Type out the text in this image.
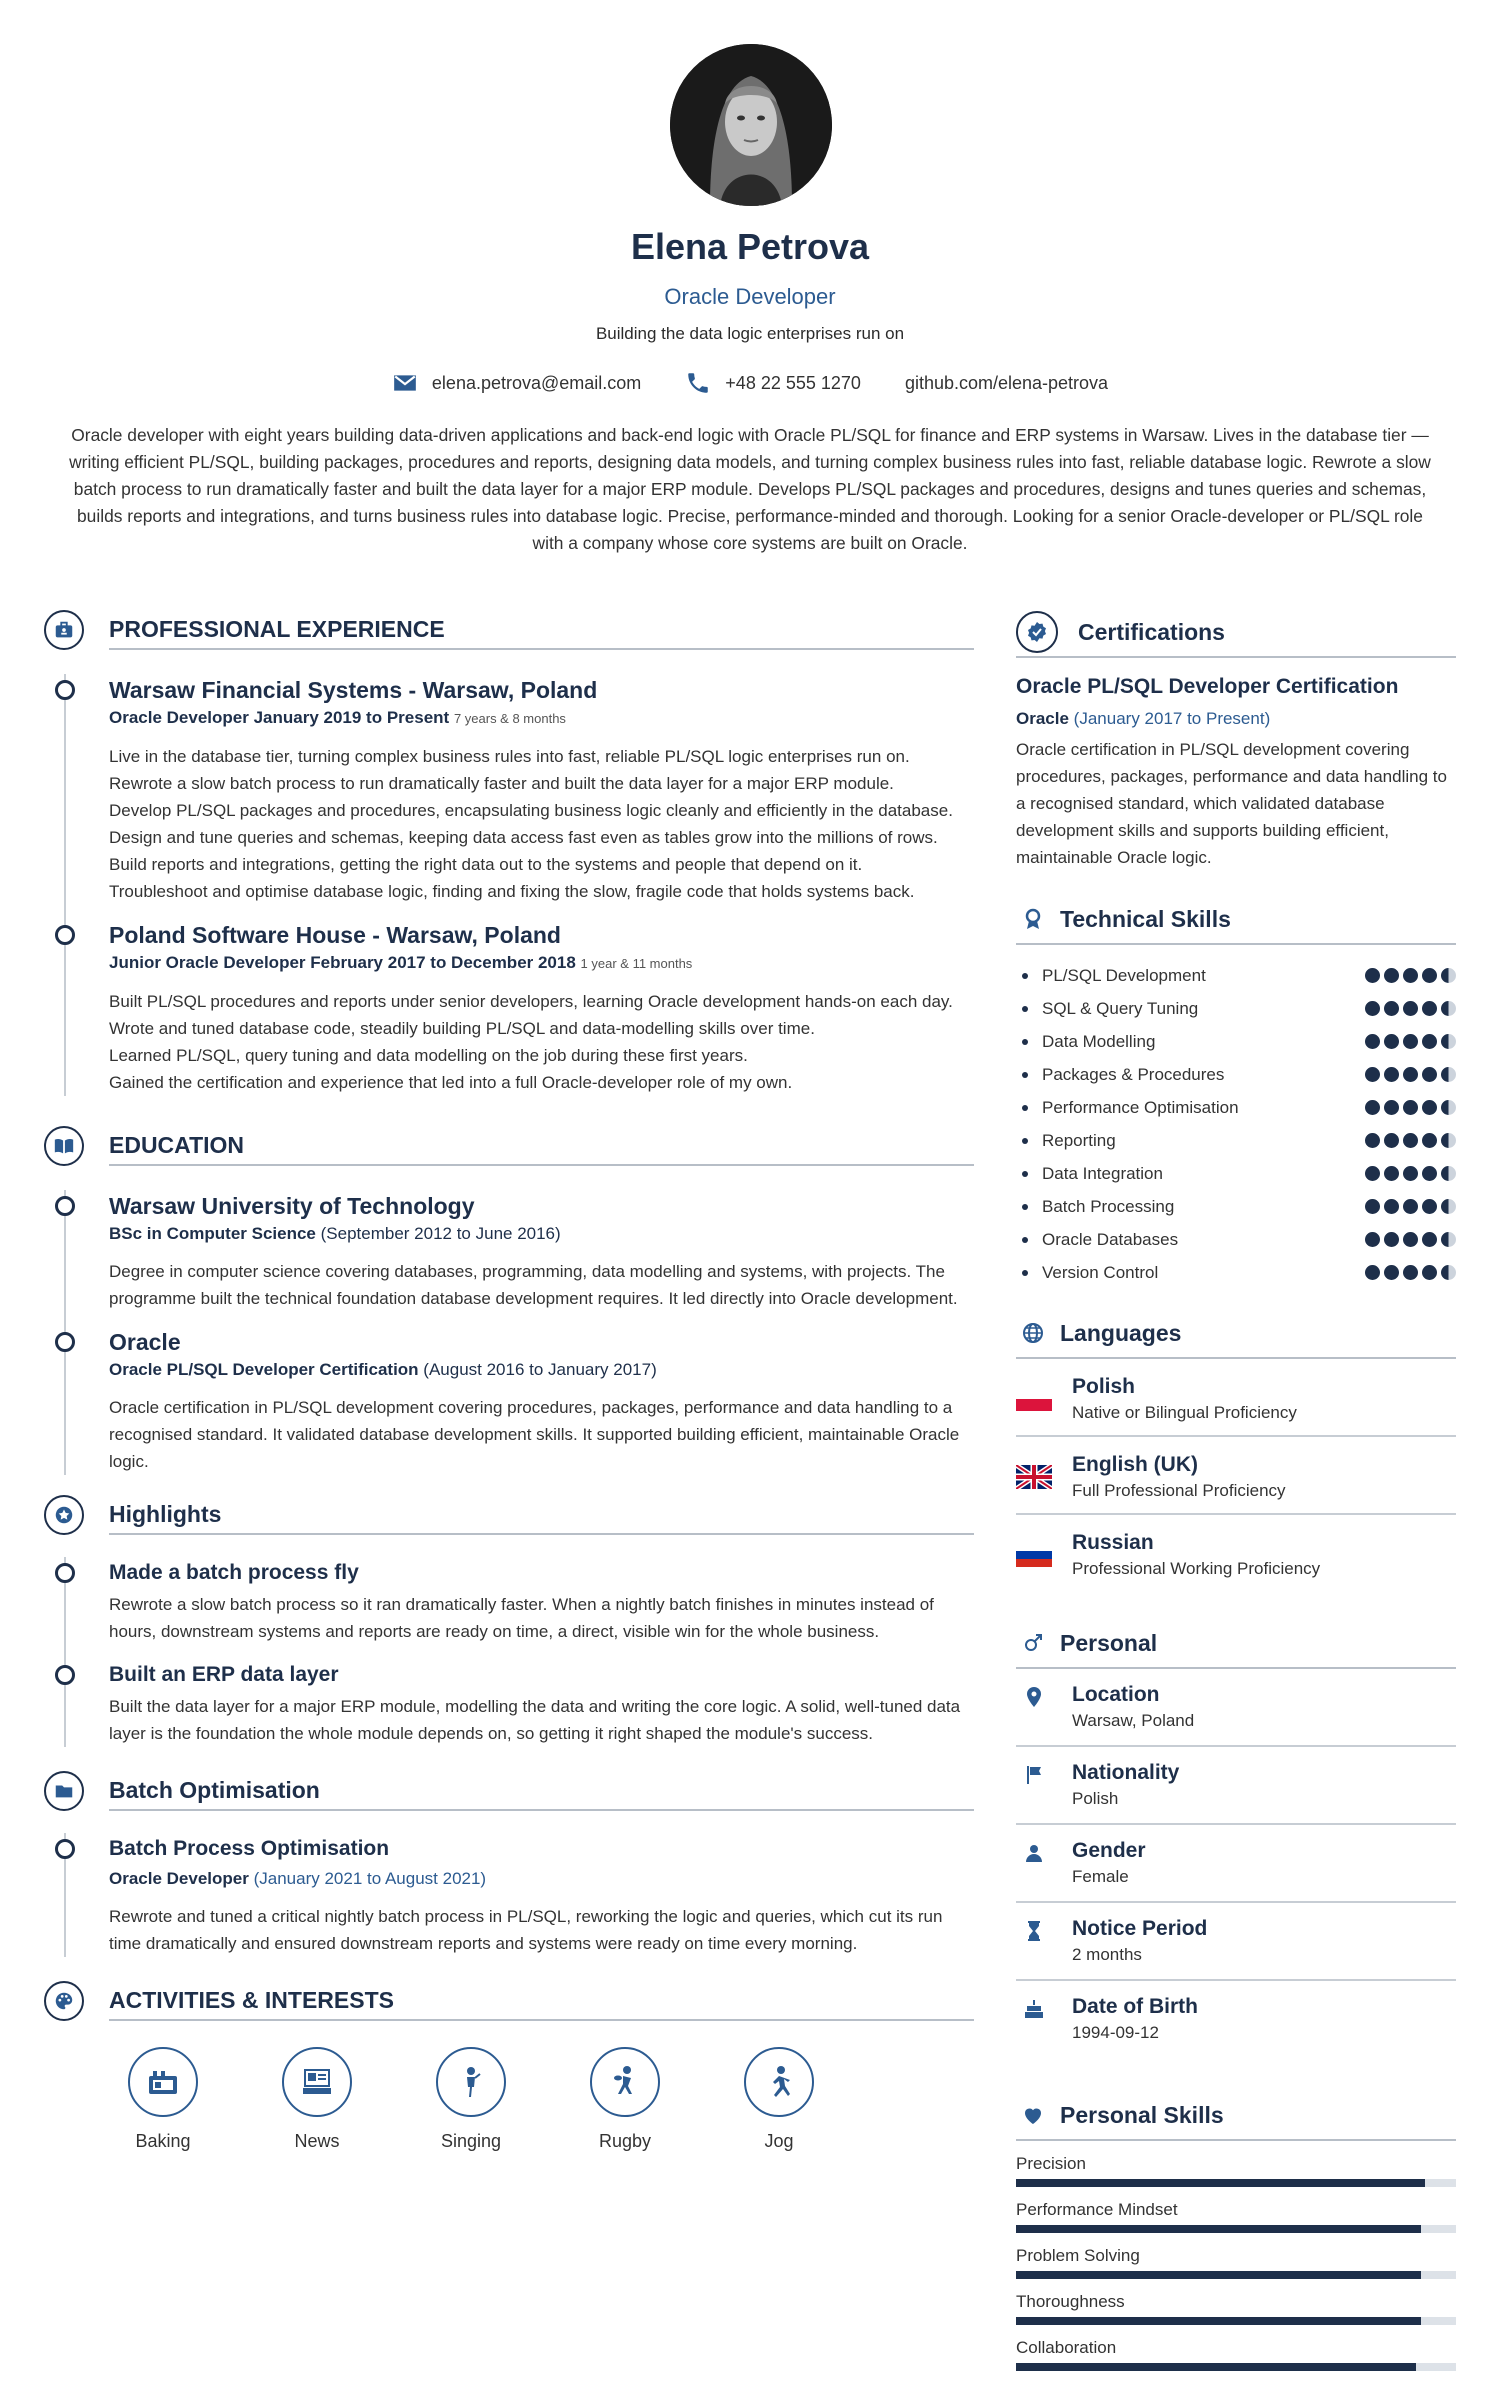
Elena Petrova
Oracle Developer
Building the data logic enterprises run on
elena.petrova@email.com	+48 22 555 1270 github.com/elena-petrova
Oracle developer with eight years building data-driven applications and back-end logic with Oracle PL/SQL for finance and ERP systems in Warsaw. Lives in the database tier — writing efficient PL/SQL, building packages, procedures and reports, designing data models, and turning complex business rules into fast, reliable database logic. Rewrote a slow batch process to run dramatically faster and built the data layer for a major ERP module. Develops PL/SQL packages and procedures, designs and tunes queries and schemas, builds reports and integrations, and turns business rules into database logic. Precise, performance-minded and thorough. Looking for a senior Oracle-developer or PL/SQL role with a company whose core systems are built on Oracle.
PROFESSIONAL EXPERIENCE
Warsaw Financial Systems - Warsaw, Poland
Oracle Developer January 2019 to Present 7 years & 8 months

Live in the database tier, turning complex business rules into fast, reliable PL/SQL logic enterprises run on.

Rewrote a slow batch process to run dramatically faster and built the data layer for a major ERP module.

Develop PL/SQL packages and procedures, encapsulating business logic cleanly and efficiently in the database.

Design and tune queries and schemas, keeping data access fast even as tables grow into the millions of rows.

Build reports and integrations, getting the right data out to the systems and people that depend on it.

Troubleshoot and optimise database logic, finding and fixing the slow, fragile code that holds systems back.

Poland Software House - Warsaw, Poland
Junior Oracle Developer February 2017 to December 2018 1 year & 11 months

Built PL/SQL procedures and reports under senior developers, learning Oracle development hands-on each day.

Wrote and tuned database code, steadily building PL/SQL and data-modelling skills over time.

Learned PL/SQL, query tuning and data modelling on the job during these first years.

Gained the certification and experience that led into a full Oracle-developer role of my own.

EDUCATION
Warsaw University of Technology
BSc in Computer Science (September 2012 to June 2016)
Degree in computer science covering databases, programming, data modelling and systems, with projects. The programme built the technical foundation database development requires. It led directly into Oracle development.
Oracle
Oracle PL/SQL Developer Certification (August 2016 to January 2017)
Oracle certification in PL/SQL development covering procedures, packages, performance and data handling to a recognised standard. It validated database development skills. It supported building efficient, maintainable Oracle logic.
Highlights
Made a batch process fly
Rewrote a slow batch process so it ran dramatically faster. When a nightly batch finishes in minutes instead of hours, downstream systems and reports are ready on time, a direct, visible win for the whole business.
Built an ERP data layer
Built the data layer for a major ERP module, modelling the data and writing the core logic. A solid, well-tuned data layer is the foundation the whole module depends on, so getting it right shaped the module's success.
Batch Optimisation
Batch Process Optimisation
Oracle Developer (January 2021 to August 2021)
Rewrote and tuned a critical nightly batch process in PL/SQL, reworking the logic and queries, which cut its run time dramatically and ensured downstream reports and systems were ready on time every morning.
ACTIVITIES & INTERESTS
Baking	News	Singing	Rugby	Jog
Certifications
Oracle PL/SQL Developer Certification
Oracle (January 2017 to Present)
Oracle certification in PL/SQL development covering procedures, packages, performance and data handling to a recognised standard, which validated database development skills and supports building efficient, maintainable Oracle logic.
Technical Skills
PL/SQL Development
SQL & Query Tuning
Data Modelling
Packages & Procedures
Performance Optimisation
Reporting
Data Integration
Batch Processing
Oracle Databases
Version Control
Languages
Polish
Native or Bilingual Proficiency
English (UK)
Full Professional Proficiency
Russian
Professional Working Proficiency
Personal
Location
Warsaw, Poland
Nationality
Polish
Gender
Female
Notice Period
2 months
Date of Birth
1994-09-12
Personal Skills
Precision
Performance Mindset
Problem Solving
Thoroughness
Collaboration
